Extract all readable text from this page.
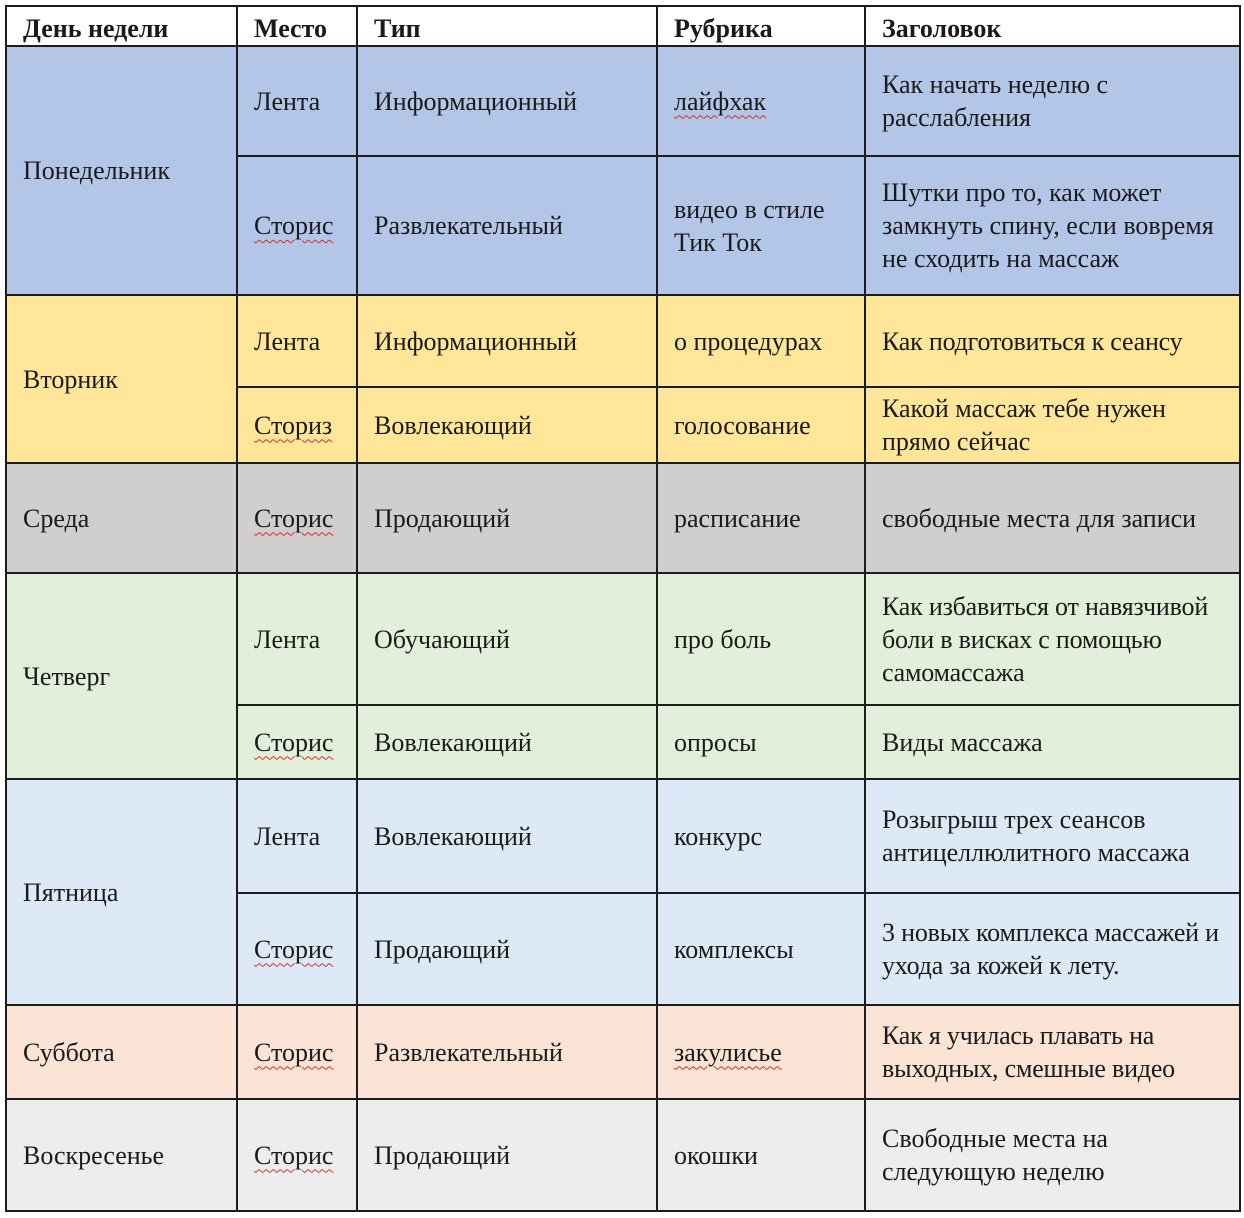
День недели	Место	Тип	Рубрика	Заголовок
Понедельник	Лента	Информационный	лайфхак	Как начать неделю с расслабления
	Сторис	Развлекательный	видео в стиле Тик Ток	Шутки про то, как может замкнуть спину, если вовремя не сходить на массаж
Вторник	Лента	Информационный	о процедурах	Как подготовиться к сеансу
	Сториз	Вовлекающий	голосование	Какой массаж тебе нужен прямо сейчас
Среда	Сторис	Продающий	расписание	свободные места для записи
Четверг	Лента	Обучающий	про боль	Как избавиться от навязчивой боли в висках с помощью самомассажа
	Сторис	Вовлекающий	опросы	Виды массажа
Пятница	Лента	Вовлекающий	конкурс	Розыгрыш трех сеансов антицеллюлитного массажа
	Сторис	Продающий	комплексы	3 новых комплекса массажей и ухода за кожей к лету.
Суббота	Сторис	Развлекательный	закулисье	Как я училась плавать на выходных, смешные видео
Воскресенье	Сторис	Продающий	окошки	Свободные места на следующую неделю
